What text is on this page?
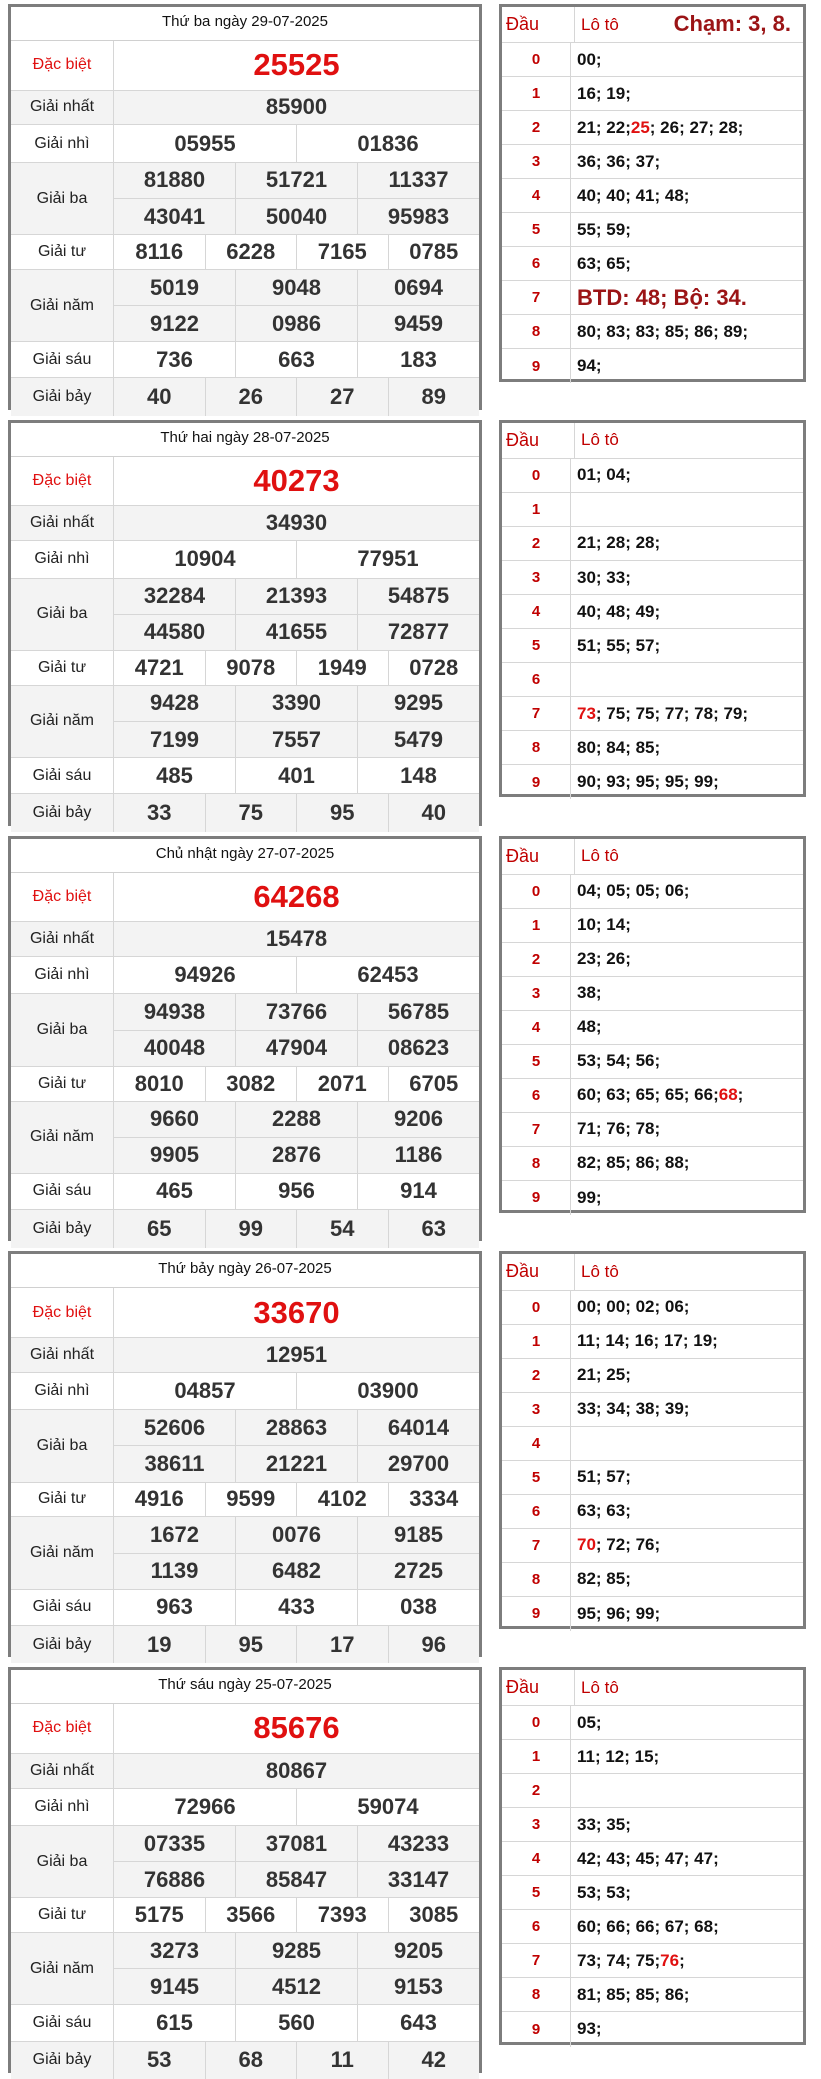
Thứ ba ngày 29-07-2025
Đặc biệt	25525
Giải nhất	85900
Giải nhì	05955	01836
Giải ba
81880	51721	11337
43041	50040	95983
Giải tư	8116	6228	7165	0785
Giải năm
5019	9048	0694
9122	0986	9459
Giải sáu	736	663	183
Giải bảy	40	26	27	89
Đầu	Lô tô	Chạm: 3, 8.
0	00;
1	16; 19;
2	21; 22; 25 ; 26; 27; 28;
3	36; 36; 37;
4	40; 40; 41; 48;
5	55; 59;
6	63; 65;
7	BTD: 48; Bộ: 34.
8	80; 83; 83; 85; 86; 89;
9	94;
Thứ hai ngày 28-07-2025
Đặc biệt	40273
Giải nhất	34930
Giải nhì	10904	77951
Giải ba
32284	21393	54875
44580	41655	72877
Giải tư	4721	9078	1949	0728
Giải năm
9428	3390	9295
7199	7557	5479
Giải sáu	485	401	148
Giải bảy	33	75	95	40
Đầu	Lô tô
0	01; 04;
1
2	21; 28; 28;
3	30; 33;
4	40; 48; 49;
5	51; 55; 57;
6
7	73 ; 75; 75; 77; 78; 79;
8	80; 84; 85;
9	90; 93; 95; 95; 99;
Chủ nhật ngày 27-07-2025
Đặc biệt	64268
Giải nhất	15478
Giải nhì	94926	62453
Giải ba
94938	73766	56785
40048	47904	08623
Giải tư	8010	3082	2071	6705
Giải năm
9660	2288	9206
9905	2876	1186
Giải sáu	465	956	914
Giải bảy	65	99	54	63
Đầu	Lô tô
0	04; 05; 05; 06;
1	10; 14;
2	23; 26;
3	38;
4	48;
5	53; 54; 56;
6	60; 63; 65; 65; 66; 68 ;
7	71; 76; 78;
8	82; 85; 86; 88;
9	99;
Thứ bảy ngày 26-07-2025
Đặc biệt	33670
Giải nhất	12951
Giải nhì	04857	03900
Giải ba
52606	28863	64014
38611	21221	29700
Giải tư	4916	9599	4102	3334
Giải năm
1672	0076	9185
1139	6482	2725
Giải sáu	963	433	038
Giải bảy	19	95	17	96
Đầu	Lô tô
0	00; 00; 02; 06;
1	11; 14; 16; 17; 19;
2	21; 25;
3	33; 34; 38; 39;
4
5	51; 57;
6	63; 63;
7	70 ; 72; 76;
8	82; 85;
9	95; 96; 99;
Thứ sáu ngày 25-07-2025
Đặc biệt	85676
Giải nhất	80867
Giải nhì	72966	59074
Giải ba
07335	37081	43233
76886	85847	33147
Giải tư	5175	3566	7393	3085
Giải năm
3273	9285	9205
9145	4512	9153
Giải sáu	615	560	643
Giải bảy	53	68	11	42
Đầu	Lô tô
0	05;
1	11; 12; 15;
2
3	33; 35;
4	42; 43; 45; 47; 47;
5	53; 53;
6	60; 66; 66; 67; 68;
7	73; 74; 75; 76 ;
8	81; 85; 85; 86;
9	93;
